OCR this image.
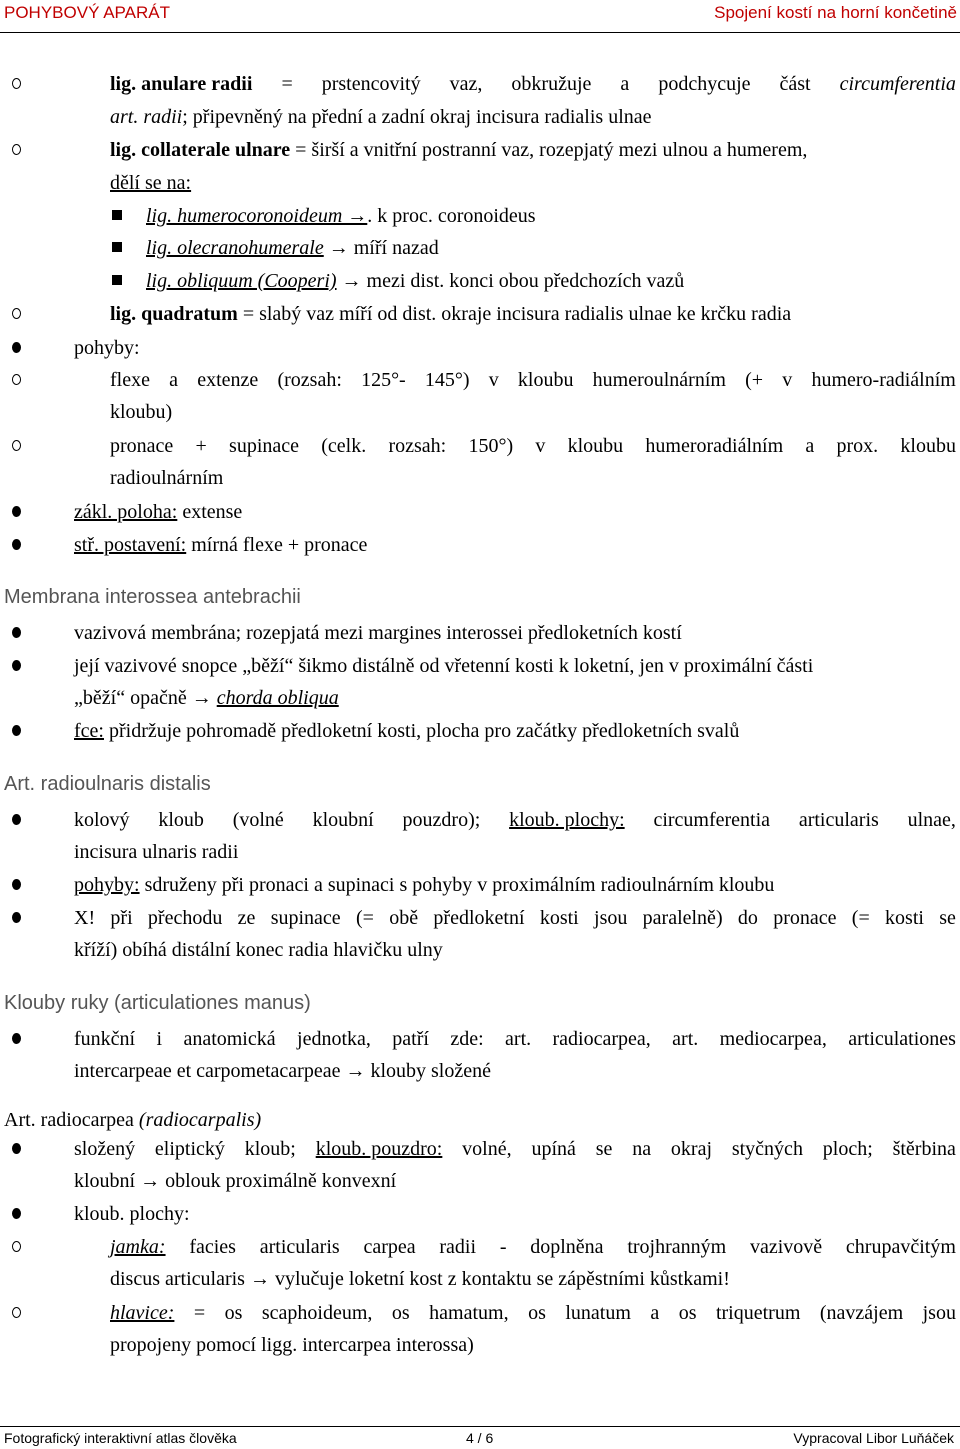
POHYBOVÝ APARÁT	Spojení kostí na horní končetině
lig. anulare radii = prstencovitý vaz, obkružuje a podchycuje část circumferentia
art. radii; připevněný na přední a zadní okraj incisura radialis ulnae
lig. collaterale ulnare = širší a vnitřní postranní vaz, rozepjatý mezi ulnou a humerem,
dělí se na:
lig. humerocoronoideum →. k proc. coronoideus
lig. olecranohumerale → míří nazad
lig. obliquum (Cooperi) → mezi dist. konci obou předchozích vazů
lig. quadratum = slabý vaz míří od dist. okraje incisura radialis ulnae ke krčku radia
pohyby:
flexe a extenze (rozsah: 125°- 145°) v kloubu humeroulnárním (+ v humero-radiálním
kloubu)
pronace + supinace (celk. rozsah: 150°) v kloubu humeroradiálním a prox. kloubu
radioulnárním
zákl. poloha: extense
stř. postavení: mírná flexe + pronace
Membrana interossea antebrachii
vazivová membrána; rozepjatá mezi margines interossei předloketních kostí
její vazivové snopce „běží“ šikmo distálně od vřetenní kosti k loketní, jen v proximální části
„běží“ opačně → chorda obliqua
fce: přidržuje pohromadě předloketní kosti, plocha pro začátky předloketních svalů
Art. radioulnaris distalis
kolový kloub (volné kloubní pouzdro); kloub. plochy: circumferentia articularis ulnae,
incisura ulnaris radii
pohyby: sdruženy při pronaci a supinaci s pohyby v proximálním radioulnárním kloubu
X! při přechodu ze supinace (= obě předloketní kosti jsou paralelně) do pronace (= kosti se
kříží) obíhá distální konec radia hlavičku ulny
Klouby ruky (articulationes manus)
funkční i anatomická jednotka, patří zde: art. radiocarpea, art. mediocarpea, articulationes
intercarpeae et carpometacarpeae → klouby složené
Art. radiocarpea (radiocarpalis)
složený eliptický kloub; kloub. pouzdro: volné, upíná se na okraj styčných ploch; štěrbina
kloubní → oblouk proximálně konvexní
kloub. plochy:
jamka: facies articularis carpea radii - doplněna trojhranným vazivově chrupavčitým
discus articularis → vylučuje loketní kost z kontaktu se zápěstními kůstkami!
hlavice: = os scaphoideum, os hamatum, os lunatum a os triquetrum (navzájem jsou
propojeny pomocí ligg. intercarpea interossa)
Fotografický interaktivní atlas člověka	4 / 6	Vypracoval Libor Luňáček
